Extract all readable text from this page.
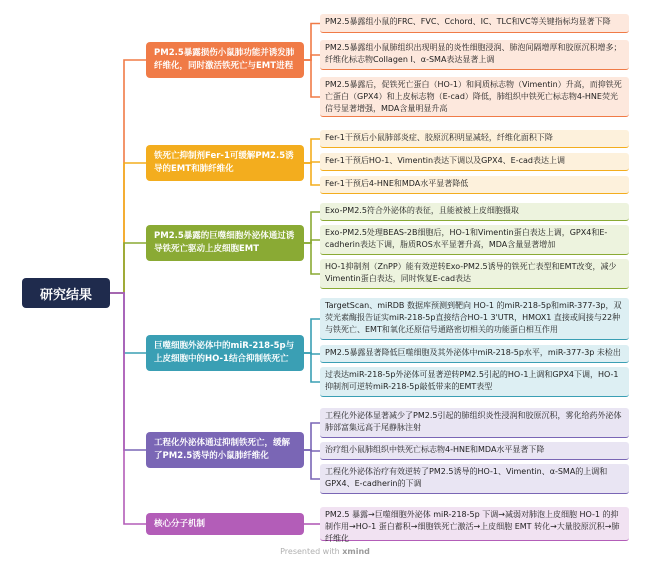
研究结果
PM2.5暴露损伤小鼠肺功能并诱发肺纤维化，同时激活铁死亡与EMT进程
铁死亡抑制剂Fer-1可缓解PM2.5诱导的EMT和肺纤维化
PM2.5暴露的巨噬细胞外泌体通过诱导铁死亡驱动上皮细胞EMT
巨噬细胞外泌体中的miR-218-5p与上皮细胞中的HO-1结合抑制铁死亡
工程化外泌体通过抑制铁死亡，缓解了PM2.5诱导的小鼠肺纤维化
核心分子机制
PM2.5暴露组小鼠的FRC、FVC、Cchord、IC、TLC和VC等关键指标均显著下降
PM2.5暴露组小鼠肺组织出现明显的炎性细胞浸润、肺泡间隔增厚和胶原沉积增多；纤维化标志物Collagen I、α-SMA表达显著上调
PM2.5暴露后，促铁死亡蛋白（HO-1）和间质标志物（Vimentin）升高，而抑铁死亡蛋白（GPX4）和上皮标志物（E-cad）降低，肺组织中铁死亡标志物4-HNE荧光信号显著增强，MDA含量明显升高
Fer-1干预后小鼠肺部炎症、胶原沉积明显减轻，纤维化面积下降
Fer-1干预后HO-1、Vimentin表达下调以及GPX4、E-cad表达上调
Fer-1干预后4-HNE和MDA水平显著降低
Exo-PM2.5符合外泌体的表征，且能被被上皮细胞摄取
Exo-PM2.5处理BEAS-2B细胞后，HO-1和Vimentin蛋白表达上调，GPX4和E-cadherin表达下调，脂质ROS水平显著升高，MDA含量显著增加
HO-1抑制剂（ZnPP）能有效逆转Exo-PM2.5诱导的铁死亡表型和EMT改变，减少Vimentin蛋白表达，同时恢复E-cad表达
TargetScan、miRDB 数据库预测到靶向 HO-1 的miR-218-5p和miR-377-3p，双荧光素酶报告证实miR-218-5p直接结合HO-1 3'UTR，HMOX1 直接或间接与22种与铁死亡、EMT和氧化还原信号通路密切相关的功能蛋白相互作用
PM2.5暴露显著降低巨噬细胞及其外泌体中miR-218-5p水平，miR-377-3p 未检出
过表达miR-218-5p外泌体可显著逆转PM2.5引起的HO-1上调和GPX4下调，HO-1抑制剂可逆转miR-218-5p敲低带来的EMT表型
工程化外泌体显著减少了PM2.5引起的肺组织炎性浸润和胶原沉积，雾化给药外泌体肺部富集远高于尾静脉注射
治疗组小鼠肺组织中铁死亡标志物4-HNE和MDA水平显著下降
工程化外泌体治疗有效逆转了PM2.5诱导的HO-1、Vimentin、α-SMA的上调和GPX4、E-cadherin的下调
PM2.5 暴露→巨噬细胞外泌体 miR-218-5p 下调→减弱对肺泡上皮细胞 HO-1 的抑制作用→HO-1 蛋白蓄积→细胞铁死亡激活→上皮细胞 EMT 转化→大量胶原沉积→肺纤维化
Presented with xmind
